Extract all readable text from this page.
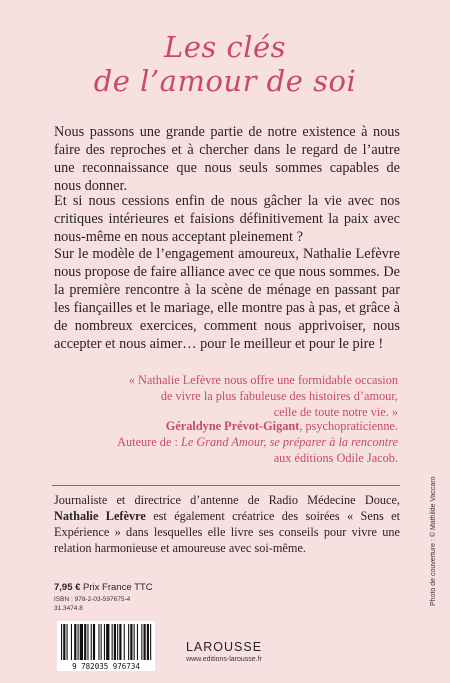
Les clés
de l’amour de soi

Nous passons une grande partie de notre existence à nous faire des reproches et à chercher dans le regard de l’autre une reconnaissance que nous seuls sommes capables de nous donner.

Et si nous cessions enfin de nous gâcher la vie avec nos critiques intérieures et faisions définitivement la paix avec nous-même en nous acceptant pleinement ?

Sur le modèle de l’engagement amoureux, Nathalie Lefèvre nous propose de faire alliance avec ce que nous sommes. De la première rencontre à la scène de ménage en passant par les fiançailles et le mariage, elle montre pas à pas, et grâce à de nombreux exercices, comment nous apprivoiser, nous accepter et nous aimer… pour le meilleur et pour le pire !

« Nathalie Lefèvre nous offre une formidable occasion
de vivre la plus fabuleuse des histoires d’amour,
celle de toute notre vie. »
Géraldyne Prévot-Gigant, psychopraticienne.
Auteure de : Le Grand Amour, se préparer à la rencontre
aux éditions Odile Jacob.

Journaliste et directrice d’antenne de Radio Médecine Douce, Nathalie Lefèvre est également créatrice des soirées « Sens et Expérience » dans lesquelles elle livre ses conseils pour vivre une relation harmonieuse et amoureuse avec soi-même.	Photo de couverture : © Mathilde Vaccaro
7,95 € Prix France TTC
ISBN : 978-2-03-597675-4
31.3474.8
9 782035 976734
LAROUSSE
www.editions-larousse.fr
